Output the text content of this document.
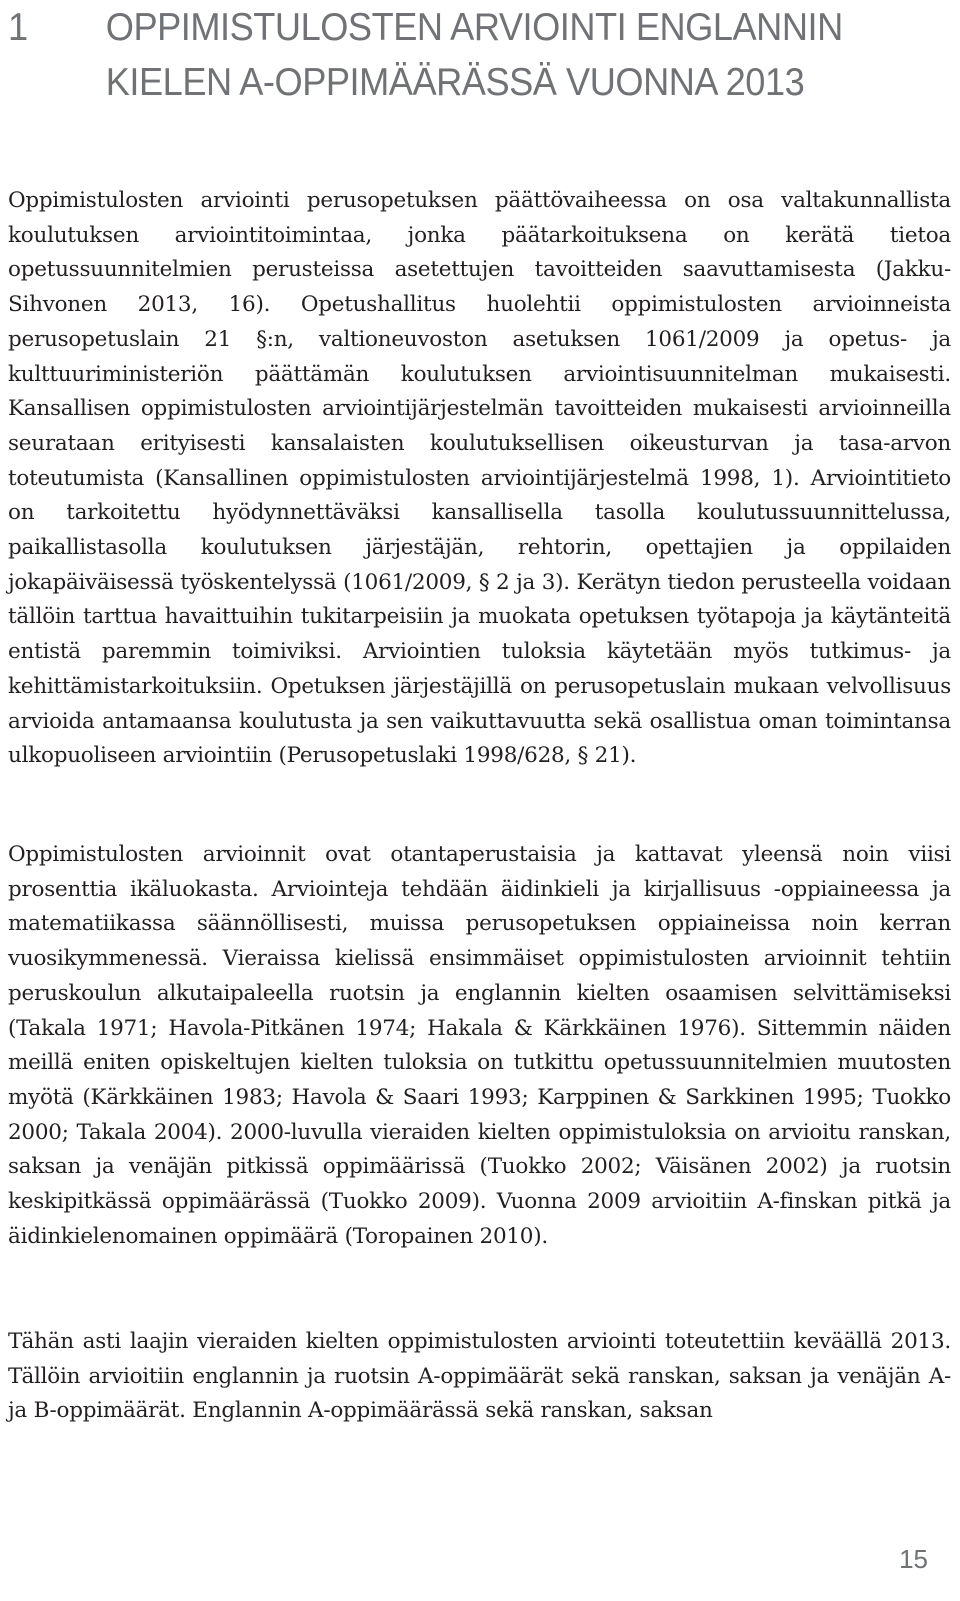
1 OPPIMISTULOSTEN ARVIOINTI ENGLANNIN
KIELEN A-OPPIMÄÄRÄSSÄ VUONNA 2013

Oppimistulosten arviointi perusopetuksen päättövaiheessa on osa valtakunnallista koulutuksen arviointitoimintaa, jonka päätarkoituksena on kerätä tietoa opetussuunnitelmien perusteissa asetettujen tavoitteiden saavuttamisesta (Jakku-Sihvonen 2013, 16). Opetushallitus huolehtii oppimistulosten arvioinneista perusopetuslain 21 §:n, valtioneuvoston asetuksen 1061/2009 ja opetus- ja kulttuuriministeriön päättämän koulutuksen arviointisuunnitelman mukaisesti. Kansallisen oppimistulosten arviointijärjestelmän tavoitteiden mukaisesti arvioinneilla seurataan erityisesti kansalaisten koulutuksellisen oikeusturvan ja tasa-arvon toteutumista (Kansallinen oppimistulosten arviointijärjestelmä 1998, 1). Arviointitieto on tarkoitettu hyödynnettäväksi kansallisella tasolla koulutussuunnittelussa, paikallistasolla koulutuksen järjestäjän, rehtorin, opettajien ja oppilaiden jokapäiväisessä työskentelyssä (1061/2009, § 2 ja 3). Kerätyn tiedon perusteella voidaan tällöin tarttua havaittuihin tukitarpeisiin ja muokata opetuksen työtapoja ja käytänteitä entistä paremmin toimiviksi. Arviointien tuloksia käytetään myös tutkimus- ja kehittämistarkoituksiin. Opetuksen järjestäjillä on perusopetuslain mukaan velvollisuus arvioida antamaansa koulutusta ja sen vaikuttavuutta sekä osallistua oman toimintansa ulkopuoliseen arviointiin (Perusopetuslaki 1998/628, § 21).

Oppimistulosten arvioinnit ovat otantaperustaisia ja kattavat yleensä noin viisi prosenttia ikäluokasta. Arviointeja tehdään äidinkieli ja kirjallisuus -oppiaineessa ja matematiikassa säännöllisesti, muissa perusopetuksen oppiaineissa noin kerran vuosikymmenessä. Vieraissa kielissä ensimmäiset oppimistulosten arvioinnit tehtiin peruskoulun alkutaipaleella ruotsin ja englannin kielten osaamisen selvittämiseksi (Takala 1971; Havola-Pitkänen 1974; Hakala & Kärkkäinen 1976). Sittemmin näiden meillä eniten opiskeltujen kielten tuloksia on tutkittu opetussuunnitelmien muutosten myötä (Kärkkäinen 1983; Havola & Saari 1993; Karppinen & Sarkkinen 1995; Tuokko 2000; Takala 2004). 2000-luvulla vieraiden kielten oppimistuloksia on arvioitu ranskan, saksan ja venäjän pitkissä oppimäärissä (Tuokko 2002; Väisänen 2002) ja ruotsin keskipitkässä oppimäärässä (Tuokko 2009). Vuonna 2009 arvioitiin A-finskan pitkä ja äidinkielenomainen oppimäärä (Toropainen 2010).

Tähän asti laajin vieraiden kielten oppimistulosten arviointi toteutettiin keväällä 2013. Tällöin arvioitiin englannin ja ruotsin A-oppimäärät sekä ranskan, saksan ja venäjän A- ja B-oppimäärät. Englannin A-oppimäärässä sekä ranskan, saksan

15
